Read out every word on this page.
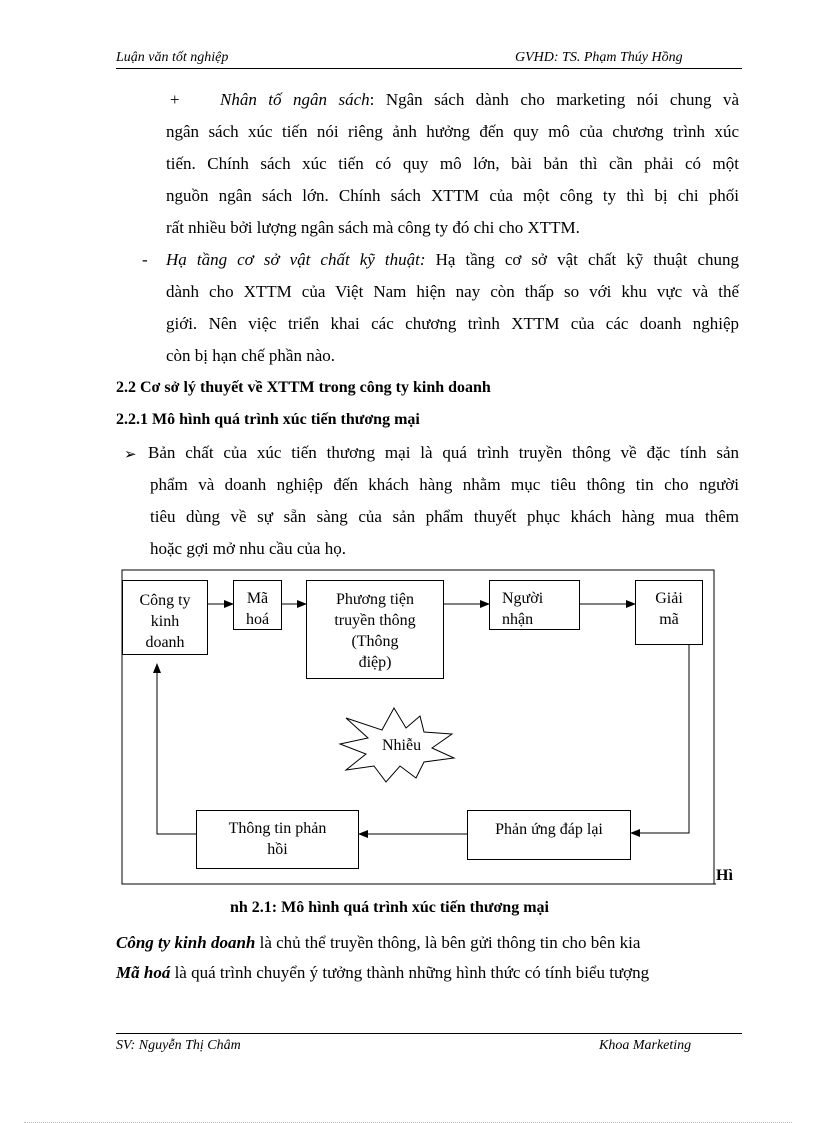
Luận văn tốt nghiệp	GVHD: TS. Phạm Thúy Hồng
+ Nhân tố ngân sách: Ngân sách dành cho marketing nói chung và
ngân sách xúc tiến nói riêng ảnh hưởng đến quy mô của chương trình xúc
tiến. Chính sách xúc tiến có quy mô lớn, bài bản thì cần phải có một
nguồn ngân sách lớn. Chính sách XTTM của một công ty thì bị chi phối
rất nhiều bởi lượng ngân sách mà công ty đó chi cho XTTM.
- Hạ tầng cơ sở vật chất kỹ thuật: Hạ tầng cơ sở vật chất kỹ thuật chung
dành cho XTTM của Việt Nam hiện nay còn thấp so với khu vực và thế
giới. Nên việc triển khai các chương trình XTTM của các doanh nghiệp
còn bị hạn chế phần nào.
2.2 Cơ sở lý thuyết về XTTM trong công ty kinh doanh
2.2.1 Mô hình quá trình xúc tiến thương mại
➢ Bản chất của xúc tiến thương mại là quá trình truyền thông về đặc tính sản
phẩm và doanh nghiệp đến khách hàng nhằm mục tiêu thông tin cho người
tiêu dùng về sự sẵn sàng của sản phẩm thuyết phục khách hàng mua thêm
hoặc gợi mở nhu cầu của họ.
Công ty
kinh
doanh
Mã
hoá
Phương tiện
truyền thông
(Thông
điệp)
Người
nhận
Giải
mã
Nhiễu
Phản ứng đáp lại
Thông tin phản
hồi
Hì
nh 2.1: Mô hình quá trình xúc tiến thương mại
Công ty kinh doanh là chủ thể truyền thông, là bên gửi thông tin cho bên kia
Mã hoá là quá trình chuyển ý tưởng thành những hình thức có tính biểu tượng
SV: Nguyễn Thị Châm	Khoa Marketing
